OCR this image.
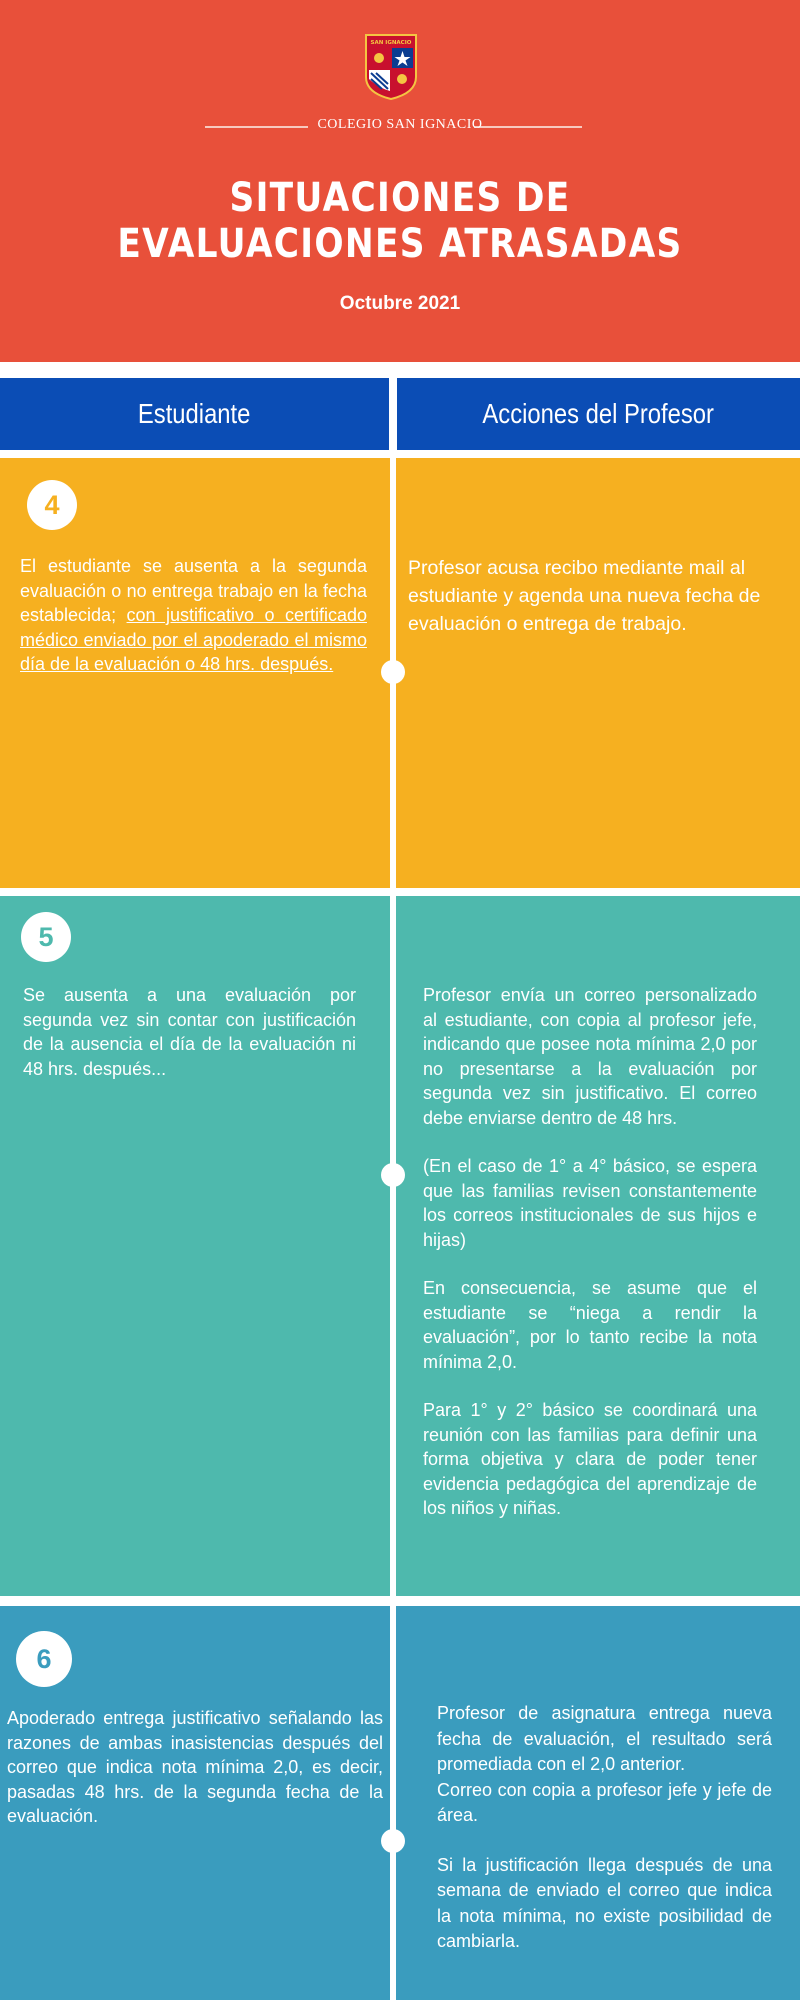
SAN IGNACIO
COLEGIO SAN IGNACIO
SITUACIONES DE
EVALUACIONES ATRASADAS
Octubre 2021
Estudiante	Acciones del Profesor
4
El estudiante se ausenta a la segunda evaluación o no entrega trabajo en la fecha establecida; con justificativo o certificado médico enviado por el apoderado el mismo día de la evaluación o 48 hrs. después.

Profesor acusa recibo mediante mail al estudiante y agenda una nueva fecha de evaluación o entrega de trabajo.

5
Se ausenta a una evaluación por segunda vez sin contar con justificación de la ausencia el día de la evaluación ni 48 hrs. después...

Profesor envía un correo personalizado al estudiante, con copia al profesor jefe, indicando que posee nota mínima 2,0 por no presentarse a la evaluación por segunda vez sin justificativo. El correo debe enviarse dentro de 48 hrs.

(En el caso de 1° a 4° básico, se espera que las familias revisen constantemente los correos institucionales de sus hijos e hijas)

En consecuencia, se asume que el estudiante se “niega a rendir la evaluación”, por lo tanto recibe la nota mínima 2,0.

Para 1° y 2° básico se coordinará una reunión con las familias para definir una forma objetiva y clara de poder tener evidencia pedagógica del aprendizaje de los niños y niñas.

6
Apoderado entrega justificativo señalando las razones de ambas inasistencias después del correo que indica nota mínima 2,0, es decir, pasadas 48 hrs. de la segunda fecha de la evaluación.

Profesor de asignatura entrega nueva fecha de evaluación, el resultado será promediada con el 2,0 anterior.

Correo con copia a profesor jefe y jefe de área.

Si la justificación llega después de una semana de enviado el correo que indica la nota mínima, no existe posibilidad de cambiarla.
